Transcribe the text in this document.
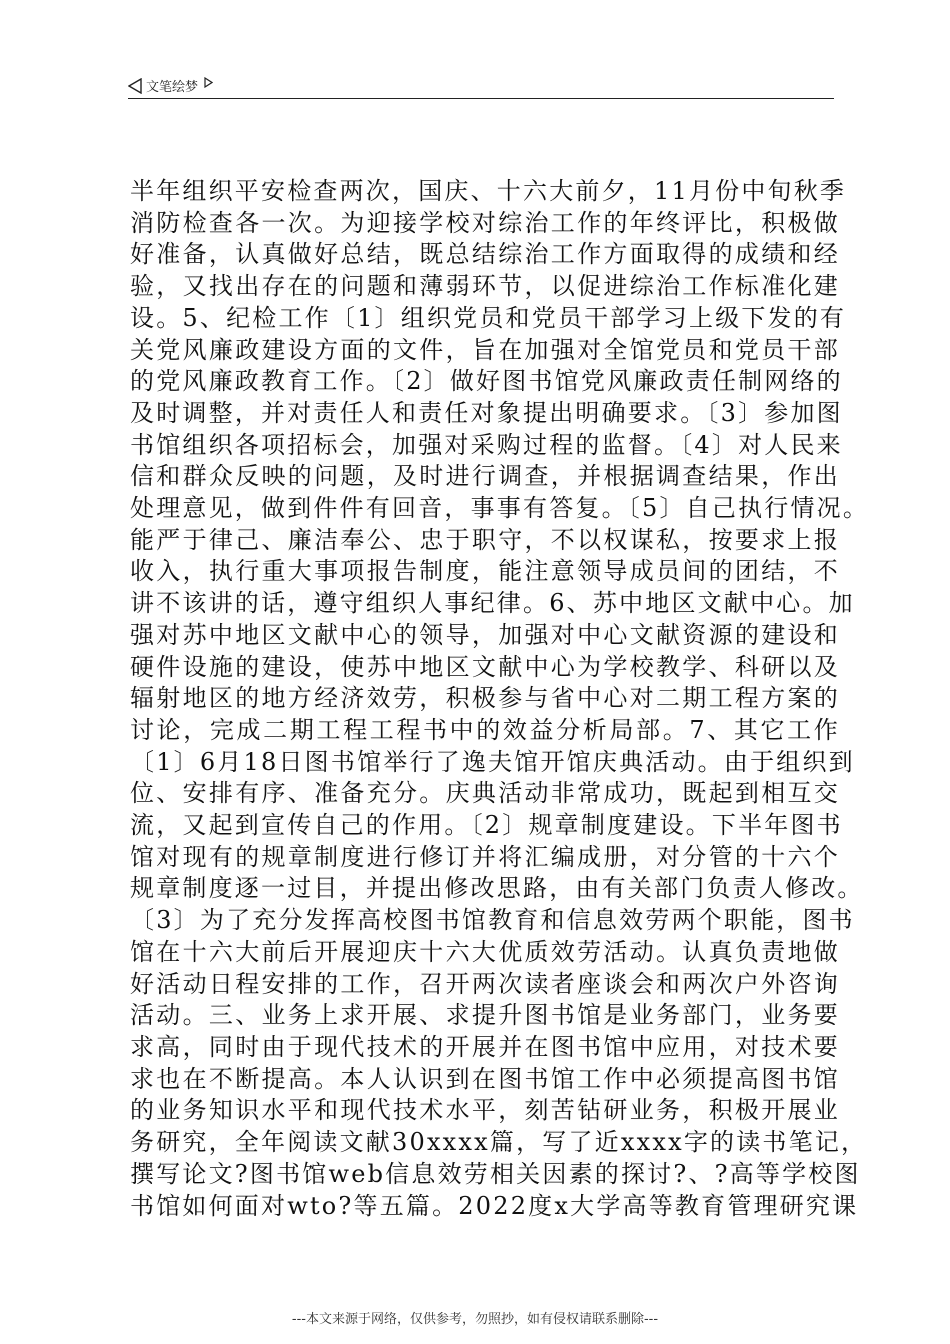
文笔绘梦
半年组织平安检查两次，国庆、十六大前夕，11月份中旬秋季
消防检查各一次。为迎接学校对综治工作的年终评比，积极做
好准备，认真做好总结，既总结综治工作方面取得的成绩和经
验，又找出存在的问题和薄弱环节，以促进综治工作标准化建
设。5、纪检工作〔1〕组织党员和党员干部学习上级下发的有
关党风廉政建设方面的文件，旨在加强对全馆党员和党员干部
的党风廉政教育工作。〔2〕做好图书馆党风廉政责任制网络的
及时调整，并对责任人和责任对象提出明确要求。〔3〕参加图
书馆组织各项招标会，加强对采购过程的监督。〔4〕对人民来
信和群众反映的问题，及时进行调查，并根据调查结果，作出
处理意见，做到件件有回音，事事有答复。〔5〕自己执行情况。
能严于律己、廉洁奉公、忠于职守，不以权谋私，按要求上报
收入，执行重大事项报告制度，能注意领导成员间的团结，不
讲不该讲的话，遵守组织人事纪律。6、苏中地区文献中心。加
强对苏中地区文献中心的领导，加强对中心文献资源的建设和
硬件设施的建设，使苏中地区文献中心为学校教学、科研以及
辐射地区的地方经济效劳，积极参与省中心对二期工程方案的
讨论，完成二期工程工程书中的效益分析局部。7、其它工作
〔1〕6月18日图书馆举行了逸夫馆开馆庆典活动。由于组织到
位、安排有序、准备充分。庆典活动非常成功，既起到相互交
流，又起到宣传自己的作用。〔2〕规章制度建设。下半年图书
馆对现有的规章制度进行修订并将汇编成册，对分管的十六个
规章制度逐一过目，并提出修改思路，由有关部门负责人修改。
〔3〕为了充分发挥高校图书馆教育和信息效劳两个职能，图书
馆在十六大前后开展迎庆十六大优质效劳活动。认真负责地做
好活动日程安排的工作，召开两次读者座谈会和两次户外咨询
活动。三、业务上求开展、求提升图书馆是业务部门，业务要
求高，同时由于现代技术的开展并在图书馆中应用，对技术要
求也在不断提高。本人认识到在图书馆工作中必须提高图书馆
的业务知识水平和现代技术水平，刻苦钻研业务，积极开展业
务研究，全年阅读文献30xxxx篇，写了近xxxx字的读书笔记，
撰写论文?图书馆web信息效劳相关因素的探讨?、?高等学校图
书馆如何面对wto?等五篇。2022度x大学高等教育管理研究课
---本文来源于网络，仅供参考，勿照抄，如有侵权请联系删除---
